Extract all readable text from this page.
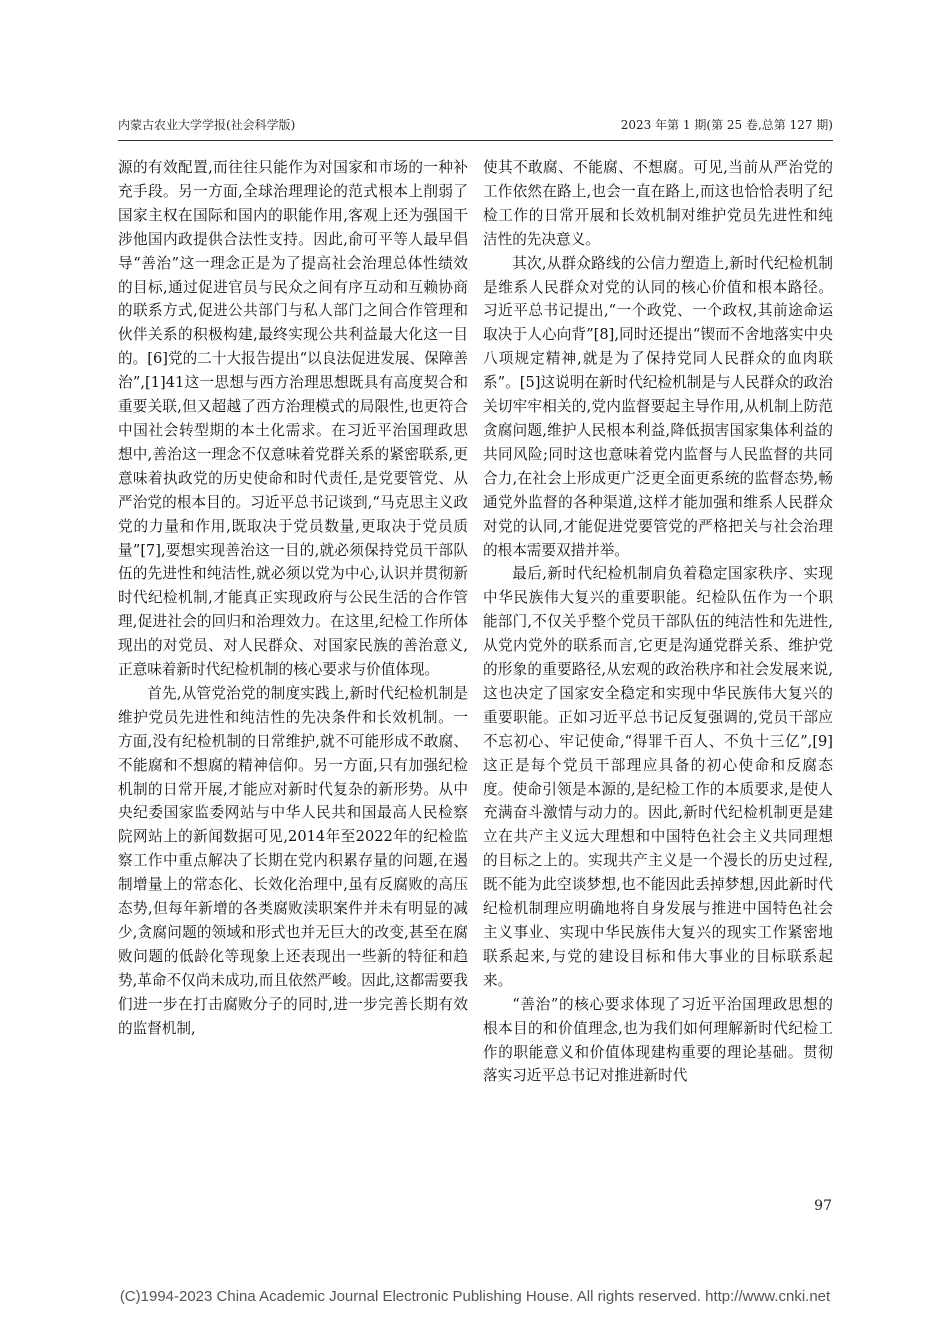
内蒙古农业大学学报(社会科学版)	2023 年第 1 期(第 25 卷,总第 127 期)

源的有效配置,而往往只能作为对国家和市场的一种补充手段。另一方面,全球治理理论的范式根本上削弱了国家主权在国际和国内的职能作用,客观上还为强国干涉他国内政提供合法性支持。因此,俞可平等人最早倡导“善治”这一理念正是为了提高社会治理总体性绩效的目标,通过促进官员与民众之间有序互动和互赖协商的联系方式,促进公共部门与私人部门之间合作管理和伙伴关系的积极构建,最终实现公共利益最大化这一目的。[6]党的二十大报告提出“以良法促进发展、保障善治”,[1]41这一思想与西方治理思想既具有高度契合和重要关联,但又超越了西方治理模式的局限性,也更符合中国社会转型期的本土化需求。在习近平治国理政思想中,善治这一理念不仅意味着党群关系的紧密联系,更意味着执政党的历史使命和时代责任,是党要管党、从严治党的根本目的。习近平总书记谈到,“马克思主义政党的力量和作用,既取决于党员数量,更取决于党员质量”[7],要想实现善治这一目的,就必须保持党员干部队伍的先进性和纯洁性,就必须以党为中心,认识并贯彻新时代纪检机制,才能真正实现政府与公民生活的合作管理,促进社会的回归和治理效力。在这里,纪检工作所体现出的对党员、对人民群众、对国家民族的善治意义,正意味着新时代纪检机制的核心要求与价值体现。

首先,从管党治党的制度实践上,新时代纪检机制是维护党员先进性和纯洁性的先决条件和长效机制。一方面,没有纪检机制的日常维护,就不可能形成不敢腐、不能腐和不想腐的精神信仰。另一方面,只有加强纪检机制的日常开展,才能应对新时代复杂的新形势。从中央纪委国家监委网站与中华人民共和国最高人民检察院网站上的新闻数据可见,2014年至2022年的纪检监察工作中重点解决了长期在党内积累存量的问题,在遏制增量上的常态化、长效化治理中,虽有反腐败的高压态势,但每年新增的各类腐败渎职案件并未有明显的减少,贪腐问题的领域和形式也并无巨大的改变,甚至在腐败问题的低龄化等现象上还表现出一些新的特征和趋势,革命不仅尚未成功,而且依然严峻。因此,这都需要我们进一步在打击腐败分子的同时,进一步完善长期有效的监督机制,

使其不敢腐、不能腐、不想腐。可见,当前从严治党的工作依然在路上,也会一直在路上,而这也恰恰表明了纪检工作的日常开展和长效机制对维护党员先进性和纯洁性的先决意义。

其次,从群众路线的公信力塑造上,新时代纪检机制是维系人民群众对党的认同的核心价值和根本路径。习近平总书记提出,“一个政党、一个政权,其前途命运取决于人心向背”[8],同时还提出“锲而不舍地落实中央八项规定精神,就是为了保持党同人民群众的血肉联系”。[5]这说明在新时代纪检机制是与人民群众的政治关切牢牢相关的,党内监督要起主导作用,从机制上防范贪腐问题,维护人民根本利益,降低损害国家集体利益的共同风险;同时这也意味着党内监督与人民监督的共同合力,在社会上形成更广泛更全面更系统的监督态势,畅通党外监督的各种渠道,这样才能加强和维系人民群众对党的认同,才能促进党要管党的严格把关与社会治理的根本需要双措并举。

最后,新时代纪检机制肩负着稳定国家秩序、实现中华民族伟大复兴的重要职能。纪检队伍作为一个职能部门,不仅关乎整个党员干部队伍的纯洁性和先进性,从党内党外的联系而言,它更是沟通党群关系、维护党的形象的重要路径,从宏观的政治秩序和社会发展来说,这也决定了国家安全稳定和实现中华民族伟大复兴的重要职能。正如习近平总书记反复强调的,党员干部应不忘初心、牢记使命,“得罪千百人、不负十三亿”,[9]这正是每个党员干部理应具备的初心使命和反腐态度。使命引领是本源的,是纪检工作的本质要求,是使人充满奋斗激情与动力的。因此,新时代纪检机制更是建立在共产主义远大理想和中国特色社会主义共同理想的目标之上的。实现共产主义是一个漫长的历史过程,既不能为此空谈梦想,也不能因此丢掉梦想,因此新时代纪检机制理应明确地将自身发展与推进中国特色社会主义事业、实现中华民族伟大复兴的现实工作紧密地联系起来,与党的建设目标和伟大事业的目标联系起来。

“善治”的核心要求体现了习近平治国理政思想的根本目的和价值理念,也为我们如何理解新时代纪检工作的职能意义和价值体现建构重要的理论基础。贯彻落实习近平总书记对推进新时代

97
(C)1994-2023 China Academic Journal Electronic Publishing House. All rights reserved. http://www.cnki.net
